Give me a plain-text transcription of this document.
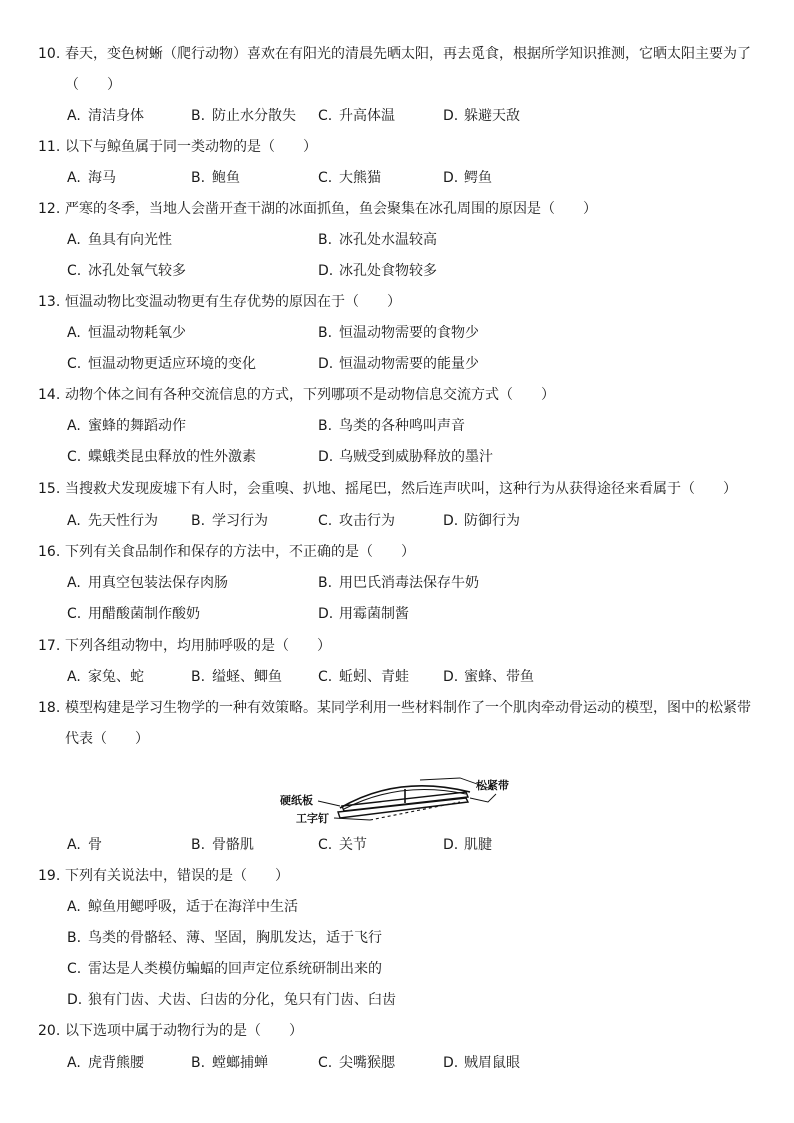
10. 春天，变色树蜥（爬行动物）喜欢在有阳光的清晨先晒太阳，再去觅食，根据所学知识推测，它晒太阳主要为了
（　　）
A. 清洁身体	B. 防止水分散失 C. 升高体温	D. 躲避天敌
11. 以下与鲸鱼属于同一类动物的是（　　）
A. 海马	B. 鲍鱼	C. 大熊猫	D. 鳄鱼
12. 严寒的冬季，当地人会凿开查干湖的冰面抓鱼，鱼会聚集在冰孔周围的原因是（　　）
A. 鱼具有向光性	B. 冰孔处水温较高
C. 冰孔处氧气较多	D. 冰孔处食物较多
13. 恒温动物比变温动物更有生存优势的原因在于（　　）
A. 恒温动物耗氧少	B. 恒温动物需要的食物少
C. 恒温动物更适应环境的变化	D. 恒温动物需要的能量少
14. 动物个体之间有各种交流信息的方式，下列哪项不是动物信息交流方式（　　）
A. 蜜蜂的舞蹈动作	B. 鸟类的各种鸣叫声音
C. 蝶蛾类昆虫释放的性外激素	D. 乌贼受到威胁释放的墨汁
15. 当搜救犬发现废墟下有人时，会重嗅、扒地、摇尾巴，然后连声吠叫，这种行为从获得途径来看属于（　　）
A. 先天性行为 B. 学习行为	C. 攻击行为	D. 防御行为
16. 下列有关食品制作和保存的方法中，不正确的是（　　）
A. 用真空包装法保存肉肠	B. 用巴氏消毒法保存牛奶
C. 用醋酸菌制作酸奶	D. 用霉菌制酱
17. 下列各组动物中，均用肺呼吸的是（　　）
A. 家兔、蛇	B. 缢蛏、鲫鱼	C. 蚯蚓、青蛙 D. 蜜蜂、带鱼
18. 模型构建是学习生物学的一种有效策略。某同学利用一些材料制作了一个肌肉牵动骨运动的模型，图中的松紧带
代表（　　）
硬纸板
松紧带
工字钉
A. 骨	B. 骨骼肌	C. 关节	D. 肌腱
19. 下列有关说法中，错误的是（　　）
A. 鲸鱼用鳃呼吸，适于在海洋中生活
B. 鸟类的骨骼轻、薄、坚固，胸肌发达，适于飞行
C. 雷达是人类模仿蝙蝠的回声定位系统研制出来的
D. 狼有门齿、犬齿、臼齿的分化，兔只有门齿、臼齿
20. 以下选项中属于动物行为的是（　　）
A. 虎背熊腰	B. 螳螂捕蝉	C. 尖嘴猴腮	D. 贼眉鼠眼
